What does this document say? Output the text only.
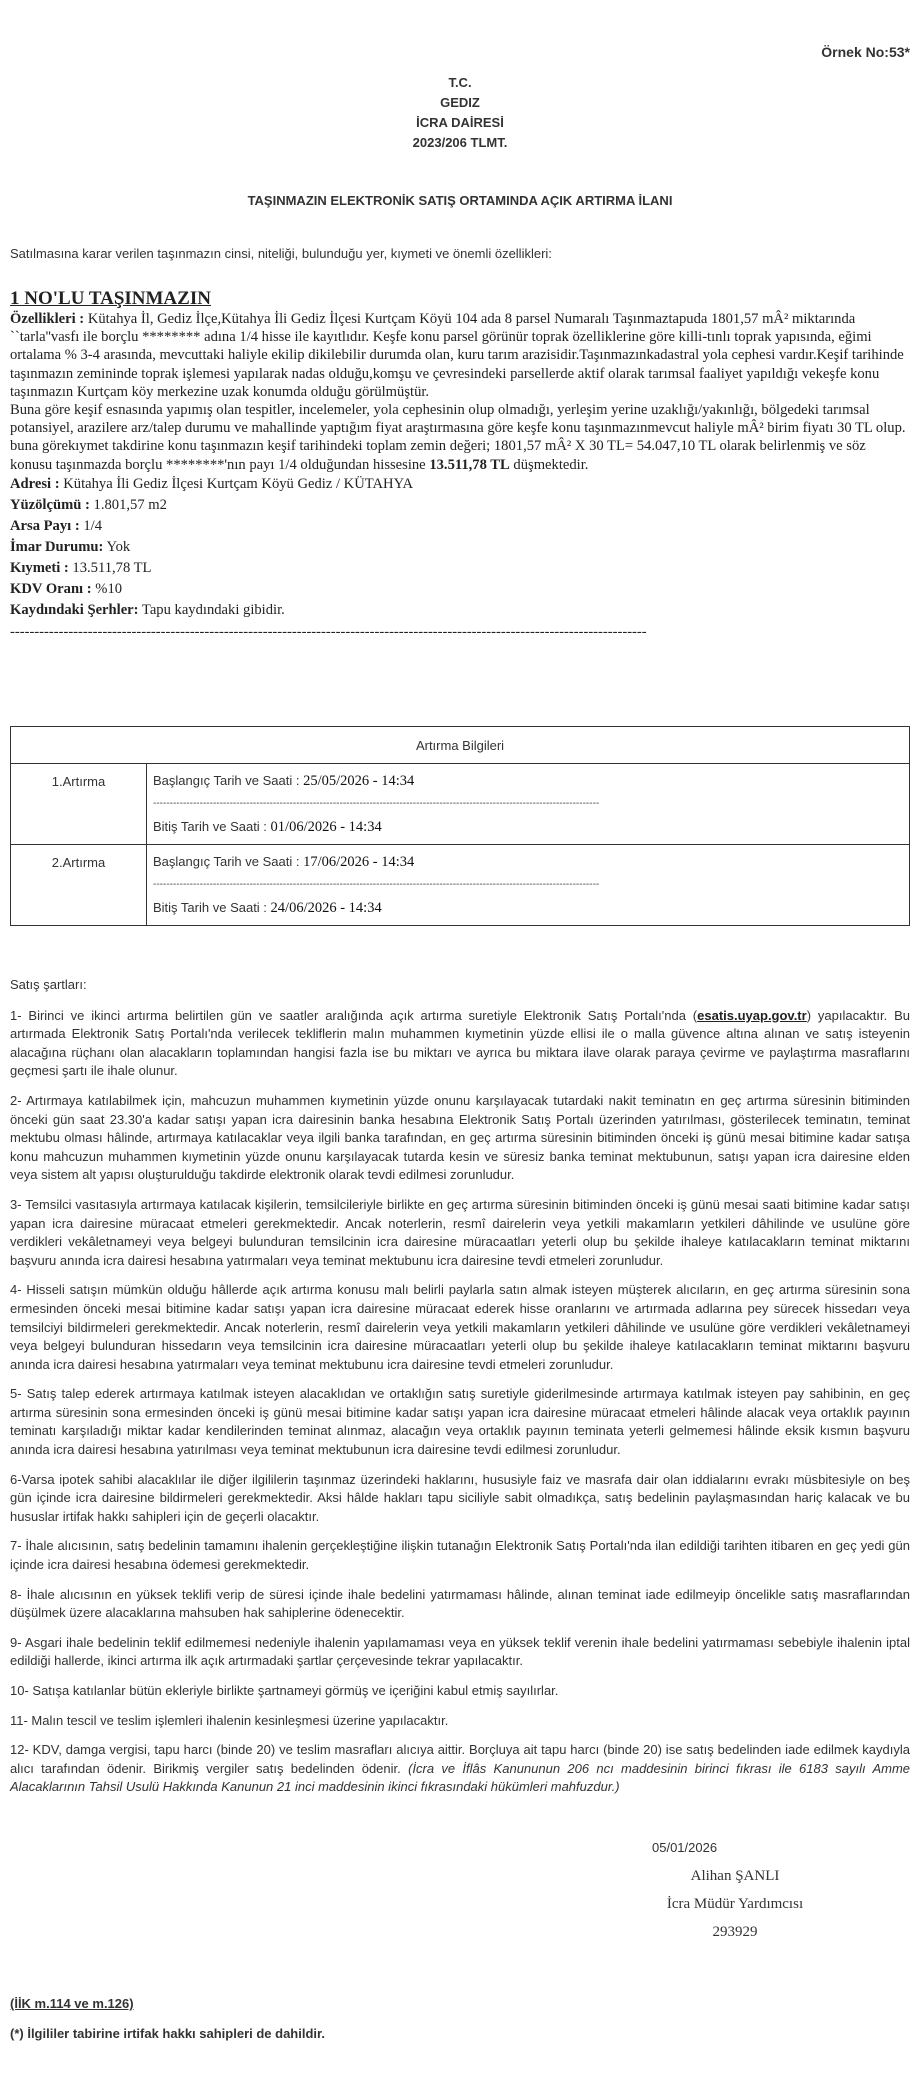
Örnek No:53*
T.C.
GEDIZ
İCRA DAİRESİ
2023/206 TLMT.
TAŞINMAZIN ELEKTRONİK SATIŞ ORTAMINDA AÇIK ARTIRMA İLANI
Satılmasına karar verilen taşınmazın cinsi, niteliği, bulunduğu yer, kıymeti ve önemli özellikleri:
1 NO'LU TAŞINMAZIN

Özellikleri : Kütahya İl, Gediz İlçe,Kütahya İli Gediz İlçesi Kurtçam Köyü 104 ada 8 parsel Numaralı Taşınmaztapuda 1801,57 mÂ² miktarında ``tarla''vasfı ile borçlu ******** adına 1/4 hisse ile kayıtlıdır. Keşfe konu parsel görünür toprak özelliklerine göre killi-tınlı toprak yapısında, eğimi ortalama % 3-4 arasında, mevcuttaki haliyle ekilip dikilebilir durumda olan, kuru tarım arazisidir.Taşınmazınkadastral yola cephesi vardır.Keşif tarihinde taşınmazın zemininde toprak işlemesi yapılarak nadas olduğu,komşu ve çevresindeki parsellerde aktif olarak tarımsal faaliyet yapıldığı vekeşfe konu taşınmazın Kurtçam köy merkezine uzak konumda olduğu görülmüştür.

Buna göre keşif esnasında yapımış olan tespitler, incelemeler, yola cephesinin olup olmadığı, yerleşim yerine uzaklığı/yakınlığı, bölgedeki tarımsal potansiyel, arazilere arz/talep durumu ve mahallinde yaptığım fiyat araştırmasına göre keşfe konu taşınmazınmevcut haliyle mÂ² birim fiyatı 30 TL olup. buna görekıymet takdirine konu taşınmazın keşif tarihindeki toplam zemin değeri; 1801,57 mÂ² X 30 TL= 54.047,10 TL olarak belirlenmiş ve söz konusu taşınmazda borçlu ********'nın payı 1/4 olduğundan hissesine 13.511,78 TL düşmektedir.

Adresi : Kütahya İli Gediz İlçesi Kurtçam Köyü Gediz / KÜTAHYA

Yüzölçümü : 1.801,57 m2

Arsa Payı : 1/4

İmar Durumu: Yok

Kıymeti : 13.511,78 TL

KDV Oranı : %10

Kaydındaki Şerhler: Tapu kaydındaki gibidir.

-----------------------------------------------------------------------------------------------------------------------------------
Artırma Bilgileri	
1.Artırma	Başlangıç Tarih ve Saati : 25/05/2026 - 14:34
--------------------------------------------------------------------------------------------------------------------------------------
Bitiş Tarih ve Saati : 01/06/2026 - 14:34

2.Artırma	Başlangıç Tarih ve Saati : 17/06/2026 - 14:34
--------------------------------------------------------------------------------------------------------------------------------------
Bitiş Tarih ve Saati : 24/06/2026 - 14:34

Satış şartları:

1- Birinci ve ikinci artırma belirtilen gün ve saatler aralığında açık artırma suretiyle Elektronik Satış Portalı'nda (esatis.uyap.gov.tr) yapılacaktır. Bu artırmada Elektronik Satış Portalı'nda verilecek tekliflerin malın muhammen kıymetinin yüzde ellisi ile o malla güvence altına alınan ve satış isteyenin alacağına rüçhanı olan alacakların toplamından hangisi fazla ise bu miktarı ve ayrıca bu miktara ilave olarak paraya çevirme ve paylaştırma masraflarını geçmesi şartı ile ihale olunur.

2- Artırmaya katılabilmek için, mahcuzun muhammen kıymetinin yüzde onunu karşılayacak tutardaki nakit teminatın en geç artırma süresinin bitiminden önceki gün saat 23.30'a kadar satışı yapan icra dairesinin banka hesabına Elektronik Satış Portalı üzerinden yatırılması, gösterilecek teminatın, teminat mektubu olması hâlinde, artırmaya katılacaklar veya ilgili banka tarafından, en geç artırma süresinin bitiminden önceki iş günü mesai bitimine kadar satışa konu mahcuzun muhammen kıymetinin yüzde onunu karşılayacak tutarda kesin ve süresiz banka teminat mektubunun, satışı yapan icra dairesine elden veya sistem alt yapısı oluşturulduğu takdirde elektronik olarak tevdi edilmesi zorunludur.

3- Temsilci vasıtasıyla artırmaya katılacak kişilerin, temsilcileriyle birlikte en geç artırma süresinin bitiminden önceki iş günü mesai saati bitimine kadar satışı yapan icra dairesine müracaat etmeleri gerekmektedir. Ancak noterlerin, resmî dairelerin veya yetkili makamların yetkileri dâhilinde ve usulüne göre verdikleri vekâletnameyi veya belgeyi bulunduran temsilcinin icra dairesine müracaatları yeterli olup bu şekilde ihaleye katılacakların teminat miktarını başvuru anında icra dairesi hesabına yatırmaları veya teminat mektubunu icra dairesine tevdi etmeleri zorunludur.

4- Hisseli satışın mümkün olduğu hâllerde açık artırma konusu malı belirli paylarla satın almak isteyen müşterek alıcıların, en geç artırma süresinin sona ermesinden önceki mesai bitimine kadar satışı yapan icra dairesine müracaat ederek hisse oranlarını ve artırmada adlarına pey sürecek hissedarı veya temsilciyi bildirmeleri gerekmektedir. Ancak noterlerin, resmî dairelerin veya yetkili makamların yetkileri dâhilinde ve usulüne göre verdikleri vekâletnameyi veya belgeyi bulunduran hissedarın veya temsilcinin icra dairesine müracaatları yeterli olup bu şekilde ihaleye katılacakların teminat miktarını başvuru anında icra dairesi hesabına yatırmaları veya teminat mektubunu icra dairesine tevdi etmeleri zorunludur.

5- Satış talep ederek artırmaya katılmak isteyen alacaklıdan ve ortaklığın satış suretiyle giderilmesinde artırmaya katılmak isteyen pay sahibinin, en geç artırma süresinin sona ermesinden önceki iş günü mesai bitimine kadar satışı yapan icra dairesine müracaat etmeleri hâlinde alacak veya ortaklık payının teminatı karşıladığı miktar kadar kendilerinden teminat alınmaz, alacağın veya ortaklık payının teminata yeterli gelmemesi hâlinde eksik kısmın başvuru anında icra dairesi hesabına yatırılması veya teminat mektubunun icra dairesine tevdi edilmesi zorunludur.

6-Varsa ipotek sahibi alacaklılar ile diğer ilgililerin taşınmaz üzerindeki haklarını, hususiyle faiz ve masrafa dair olan iddialarını evrakı müsbitesiyle on beş gün içinde icra dairesine bildirmeleri gerekmektedir. Aksi hâlde hakları tapu siciliyle sabit olmadıkça, satış bedelinin paylaşmasından hariç kalacak ve bu hususlar irtifak hakkı sahipleri için de geçerli olacaktır.

7- İhale alıcısının, satış bedelinin tamamını ihalenin gerçekleştiğine ilişkin tutanağın Elektronik Satış Portalı'nda ilan edildiği tarihten itibaren en geç yedi gün içinde icra dairesi hesabına ödemesi gerekmektedir.

8- İhale alıcısının en yüksek teklifi verip de süresi içinde ihale bedelini yatırmaması hâlinde, alınan teminat iade edilmeyip öncelikle satış masraflarından düşülmek üzere alacaklarına mahsuben hak sahiplerine ödenecektir.

9- Asgari ihale bedelinin teklif edilmemesi nedeniyle ihalenin yapılamaması veya en yüksek teklif verenin ihale bedelini yatırmaması sebebiyle ihalenin iptal edildiği hallerde, ikinci artırma ilk açık artırmadaki şartlar çerçevesinde tekrar yapılacaktır.

10- Satışa katılanlar bütün ekleriyle birlikte şartnameyi görmüş ve içeriğini kabul etmiş sayılırlar.

11- Malın tescil ve teslim işlemleri ihalenin kesinleşmesi üzerine yapılacaktır.

12- KDV, damga vergisi, tapu harcı (binde 20) ve teslim masrafları alıcıya aittir. Borçluya ait tapu harcı (binde 20) ise satış bedelinden iade edilmek kaydıyla alıcı tarafından ödenir. Birikmiş vergiler satış bedelinden ödenir. (İcra ve İflâs Kanununun 206 ncı maddesinin birinci fıkrası ile 6183 sayılı Amme Alacaklarının Tahsil Usulü Hakkında Kanunun 21 inci maddesinin ikinci fıkrasındaki hükümleri mahfuzdur.)

05/01/2026
Alihan ŞANLI
İcra Müdür Yardımcısı
293929
(İİK m.114 ve m.126)
(*) İlgililer tabirine irtifak hakkı sahipleri de dahildir.
